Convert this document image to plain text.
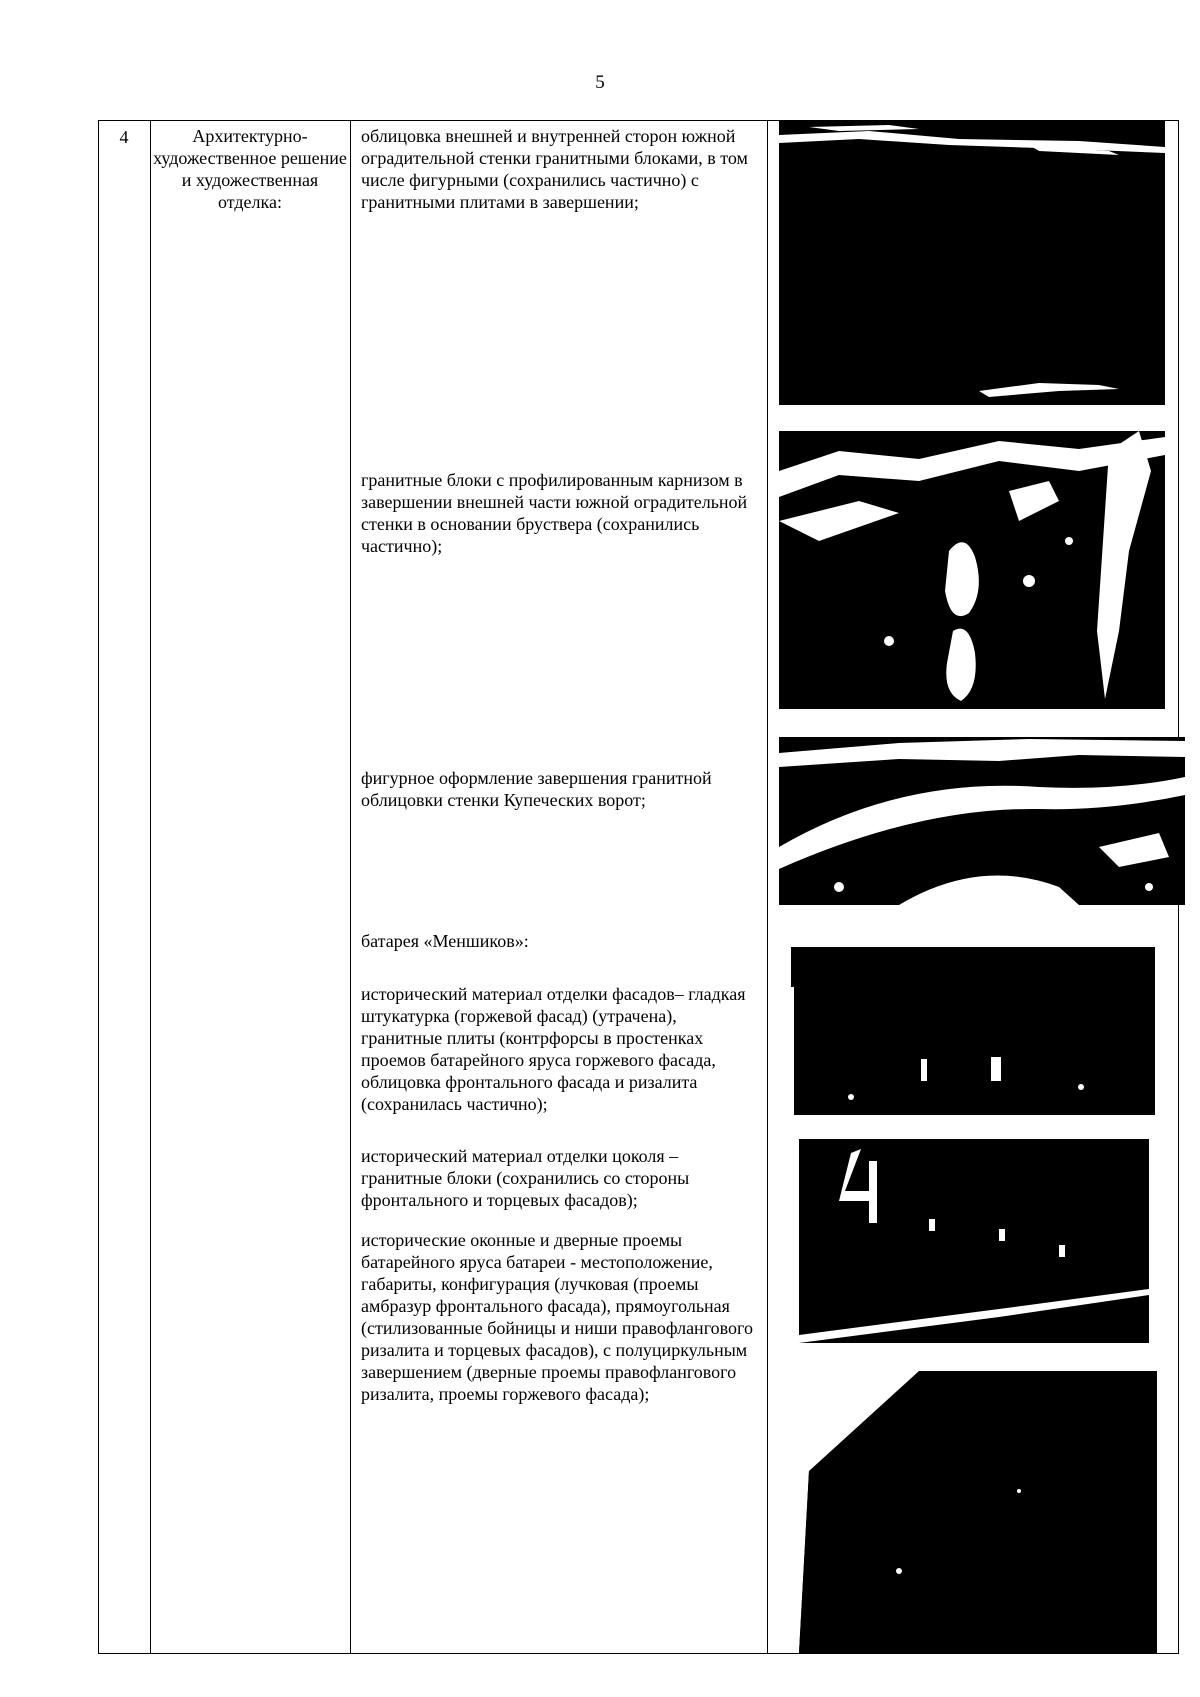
5
4	Архитектурно-художественное решение и художественная отделка:
облицовка внешней и внутренней сторон южной оградительной стенки гранитными блоками, в том числе фигурными (сохранились частично) с гранитными плитами в завершении;
гранитные блоки с профилированным карнизом в завершении внешней части южной оградительной стенки в основании бруствера (сохранились частично);
фигурное оформление завершения гранитной облицовки стенки Купеческих ворот;
батарея «Меншиков»:
исторический материал отделки фасадов– гладкая штукатурка (горжевой фасад) (утрачена), гранитные плиты (контрфорсы в простенках проемов батарейного яруса горжевого фасада, облицовка фронтального фасада и ризалита (сохранилась частично);
исторический материал отделки цоколя – гранитные блоки (сохранились со стороны фронтального и торцевых фасадов);
исторические оконные и дверные проемы батарейного яруса батареи - местоположение, габариты, конфигурация (лучковая (проемы амбразур фронтального фасада), прямоугольная (стилизованные бойницы и ниши правофлангового ризалита и торцевых фасадов), с полуциркульным завершением (дверные проемы правофлангового ризалита, проемы горжевого фасада);
